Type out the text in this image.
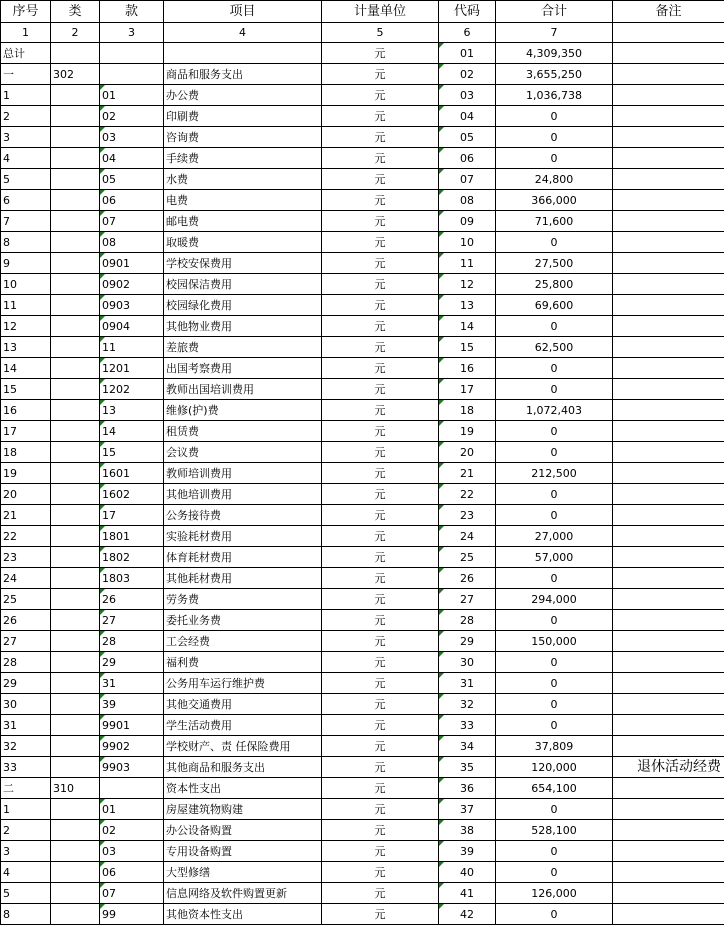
序号	类	款	项目	计量单位	代码	合计	备注
1	2	3	4	5	6	7	
总计				元	01	4,309,350	
一	302		商品和服务支出	元	02	3,655,250	
1		01	办公费	元	03	1,036,738	
2		02	印刷费	元	04	0	
3		03	咨询费	元	05	0	
4		04	手续费	元	06	0	
5		05	水费	元	07	24,800	
6		06	电费	元	08	366,000	
7		07	邮电费	元	09	71,600	
8		08	取暖费	元	10	0	
9		0901	学校安保费用	元	11	27,500	
10		0902	校园保洁费用	元	12	25,800	
11		0903	校园绿化费用	元	13	69,600	
12		0904	其他物业费用	元	14	0	
13		11	差旅费	元	15	62,500	
14		1201	出国考察费用	元	16	0	
15		1202	教师出国培训费用	元	17	0	
16		13	维修(护)费	元	18	1,072,403	
17		14	租赁费	元	19	0	
18		15	会议费	元	20	0	
19		1601	教师培训费用	元	21	212,500	
20		1602	其他培训费用	元	22	0	
21		17	公务接待费	元	23	0	
22		1801	实验耗材费用	元	24	27,000	
23		1802	体育耗材费用	元	25	57,000	
24		1803	其他耗材费用	元	26	0	
25		26	劳务费	元	27	294,000	
26		27	委托业务费	元	28	0	
27		28	工会经费	元	29	150,000	
28		29	福利费	元	30	0	
29		31	公务用车运行维护费	元	31	0	
30		39	其他交通费用	元	32	0	
31		9901	学生活动费用	元	33	0	
32		9902	学校财产、责 任保险费用	元	34	37,809	
33		9903	其他商品和服务支出	元	35	120,000	退休活动经费
二	310		资本性支出	元	36	654,100	
1		01	房屋建筑物购建	元	37	0	
2		02	办公设备购置	元	38	528,100	
3		03	专用设备购置	元	39	0	
4		06	大型修缮	元	40	0	
5		07	信息网络及软件购置更新	元	41	126,000	
8		99	其他资本性支出	元	42	0	
